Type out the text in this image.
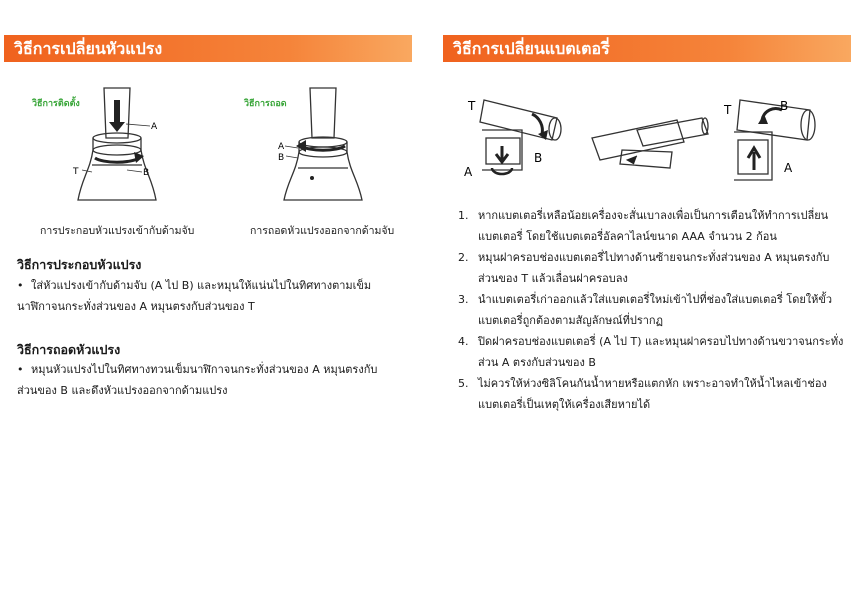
วิธีการเปลี่ยนหัวแปรง
วิธีการติดตั้ง
A
T	B
การประกอบหัวแปรงเข้ากับด้ามจับ
วิธีการถอด
A
B
การถอดหัวแปรงออกจากด้ามจับ
วิธีการประกอบหัวแปรง
• ใส่หัวแปรงเข้ากับด้ามจับ (A ไป B) และหมุนให้แน่นไปในทิศทางตามเข็มนาฬิกาจนกระทั่งส่วนของ A หมุนตรงกับส่วนของ T
วิธีการถอดหัวแปรง
• หมุนหัวแปรงไปในทิศทางทวนเข็มนาฬิกาจนกระทั่งส่วนของ A หมุนตรงกับส่วนของ B และดึงหัวแปรงออกจากด้ามแปรง
วิธีการเปลี่ยนแบตเตอรี่
T
A
B
T	B
A
1. หากแบตเตอรี่เหลือน้อยเครื่องจะสั่นเบาลงเพื่อเป็นการเตือนให้ทำการเปลี่ยนแบตเตอรี่ โดยใช้แบตเตอรี่อัลคาไลน์ขนาด AAA จำนวน 2 ก้อน
2. หมุนฝาครอบช่องแบตเตอรี่ไปทางด้านซ้ายจนกระทั่งส่วนของ A หมุนตรงกับส่วนของ T แล้วเลื่อนฝาครอบลง
3. นำแบตเตอรี่เก่าออกแล้วใส่แบตเตอรี่ใหม่เข้าไปที่ช่องใส่แบตเตอรี่ โดยให้ขั้วแบตเตอรี่ถูกต้องตามสัญลักษณ์ที่ปรากฏ
4. ปิดฝาครอบช่องแบตเตอรี่ (A ไป T) และหมุนฝาครอบไปทางด้านขวาจนกระทั่งส่วน A ตรงกับส่วนของ B
5. ไม่ควรให้ห่วงซิลิโคนกันน้ำหายหรือแตกหัก เพราะอาจทำให้น้ำไหลเข้าช่องแบตเตอรี่เป็นเหตุให้เครื่องเสียหายได้
